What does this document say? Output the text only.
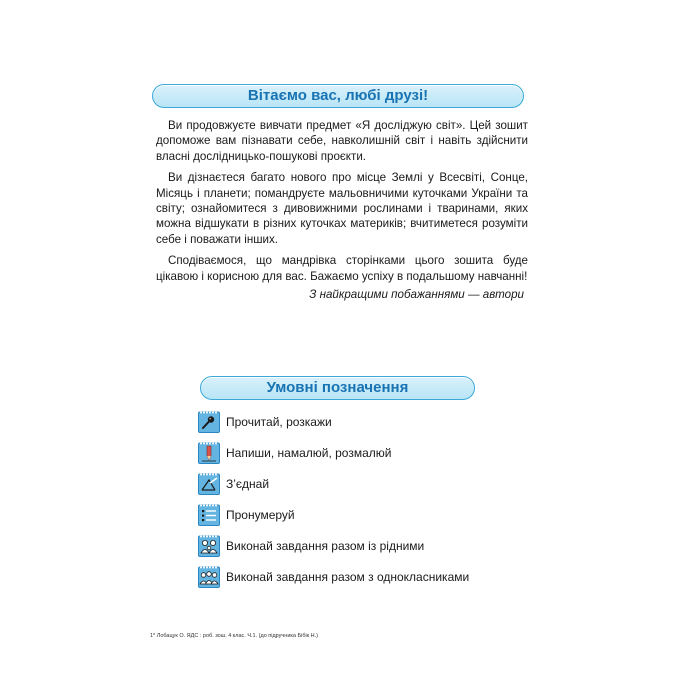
Вітаємо вас, любі друзі!

Ви продовжуєте вивчати предмет «Я досліджую світ». Цей зошит допоможе вам пізнавати себе, навколишній світ і навіть здійснити власні дослідницько-пошукові проєкти.

Ви дізнаєтеся багато нового про місце Землі у Всесвіті, Сонце, Місяць і планети; помандруєте мальовничими куточками України та світу; ознайомитеся з дивовижними рослинами і тваринами, яких можна відшукати в різних куточках материків; вчитиметеся розуміти себе і поважати інших.

Сподіваємося, що мандрівка сторінками цього зошита буде цікавою і корисною для вас. Бажаємо успіху в подальшому навчанні!

З найкращими побажаннями — автори
Умовні позначення
Прочитай, розкажи
Напиши, намалюй, розмалюй
З’єднай
Пронумеруй
Виконай завдання разом із рідними
Виконай завдання разом з однокласниками
1* Лобацук О. ЯДС : роб. зош. 4 клас. Ч.1. (до підручника Бібік Н.)
